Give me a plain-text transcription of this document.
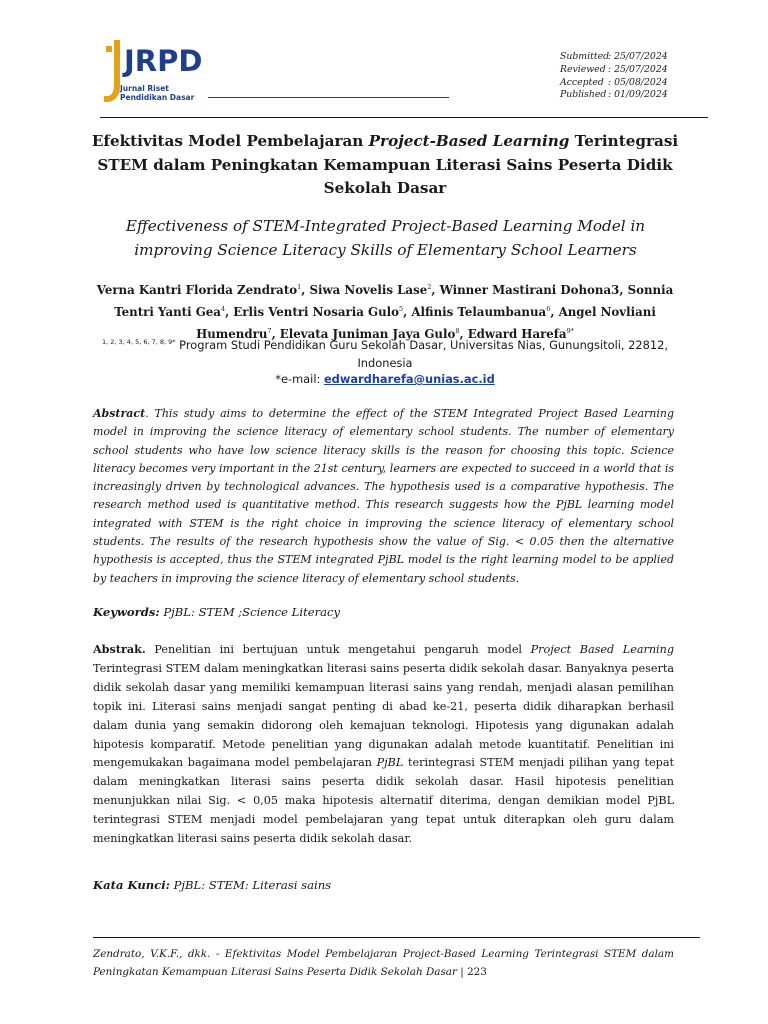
JRPD
Jurnal Riset
Pendidikan Dasar
Submitted: 25/07/2024
Reviewed : 25/07/2024
Accepted : 05/08/2024
Published : 01/09/2024
Efektivitas Model Pembelajaran Project-Based Learning Terintegrasi STEM dalam Peningkatan Kemampuan Literasi Sains Peserta Didik Sekolah Dasar
Effectiveness of STEM-Integrated Project-Based Learning Model in improving Science Literacy Skills of Elementary School Learners
Verna Kantri Florida Zendrato$^1$, Siwa Novelis Lase$^2$, Winner Mastirani Dohona3, Sonnia Tentri Yanti Gea$^4$, Erlis Ventri Nosaria Gulo$^5$, Alfinis Telaumbanua$^6$, Angel Novliani Humendru$^7$, Elevata Juniman Jaya Gulo$^8$, Edward Harefa$^{9*}$
$^{1, 2, 3, 4, 5, 6, 7, 8, 9*}$ Program Studi Pendidikan Guru Sekolah Dasar, Universitas Nias, Gunungsitoli, 22812, Indonesia
*e-mail: edwardharefa@unias.ac.id
Abstract. This study aims to determine the effect of the STEM Integrated Project Based Learning model in improving the science literacy of elementary school students. The number of elementary school students who have low science literacy skills is the reason for choosing this topic. Science literacy becomes very important in the 21st century, learners are expected to succeed in a world that is increasingly driven by technological advances. The hypothesis used is a comparative hypothesis. The research method used is quantitative method. This research suggests how the PjBL learning model integrated with STEM is the right choice in improving the science literacy of elementary school students. The results of the research hypothesis show the value of Sig. < 0.05 then the alternative hypothesis is accepted, thus the STEM integrated PjBL model is the right learning model to be applied by teachers in improving the science literacy of elementary school students.
Keywords: PjBL: STEM ;Science Literacy
Abstrak. Penelitian ini bertujuan untuk mengetahui pengaruh model Project Based Learning Terintegrasi STEM dalam meningkatkan literasi sains peserta didik sekolah dasar. Banyaknya peserta didik sekolah dasar yang memiliki kemampuan literasi sains yang rendah, menjadi alasan pemilihan topik ini. Literasi sains menjadi sangat penting di abad ke-21, peserta didik diharapkan berhasil dalam dunia yang semakin didorong oleh kemajuan teknologi. Hipotesis yang digunakan adalah hipotesis komparatif. Metode penelitian yang digunakan adalah metode kuantitatif. Penelitian ini mengemukakan bagaimana model pembelajaran PjBL terintegrasi STEM menjadi pilihan yang tepat dalam meningkatkan literasi sains peserta didik sekolah dasar. Hasil hipotesis penelitian menunjukkan nilai Sig. < 0,05 maka hipotesis alternatif diterima, dengan demikian model PjBL terintegrasi STEM menjadi model pembelajaran yang tepat untuk diterapkan oleh guru dalam meningkatkan literasi sains peserta didik sekolah dasar.
Kata Kunci: PjBL: STEM: Literasi sains
Zendrato, V.K.F., dkk. - Efektivitas Model Pembelajaran Project-Based Learning Terintegrasi STEM dalam Peningkatan Kemampuan Literasi Sains Peserta Didik Sekolah Dasar | 223
